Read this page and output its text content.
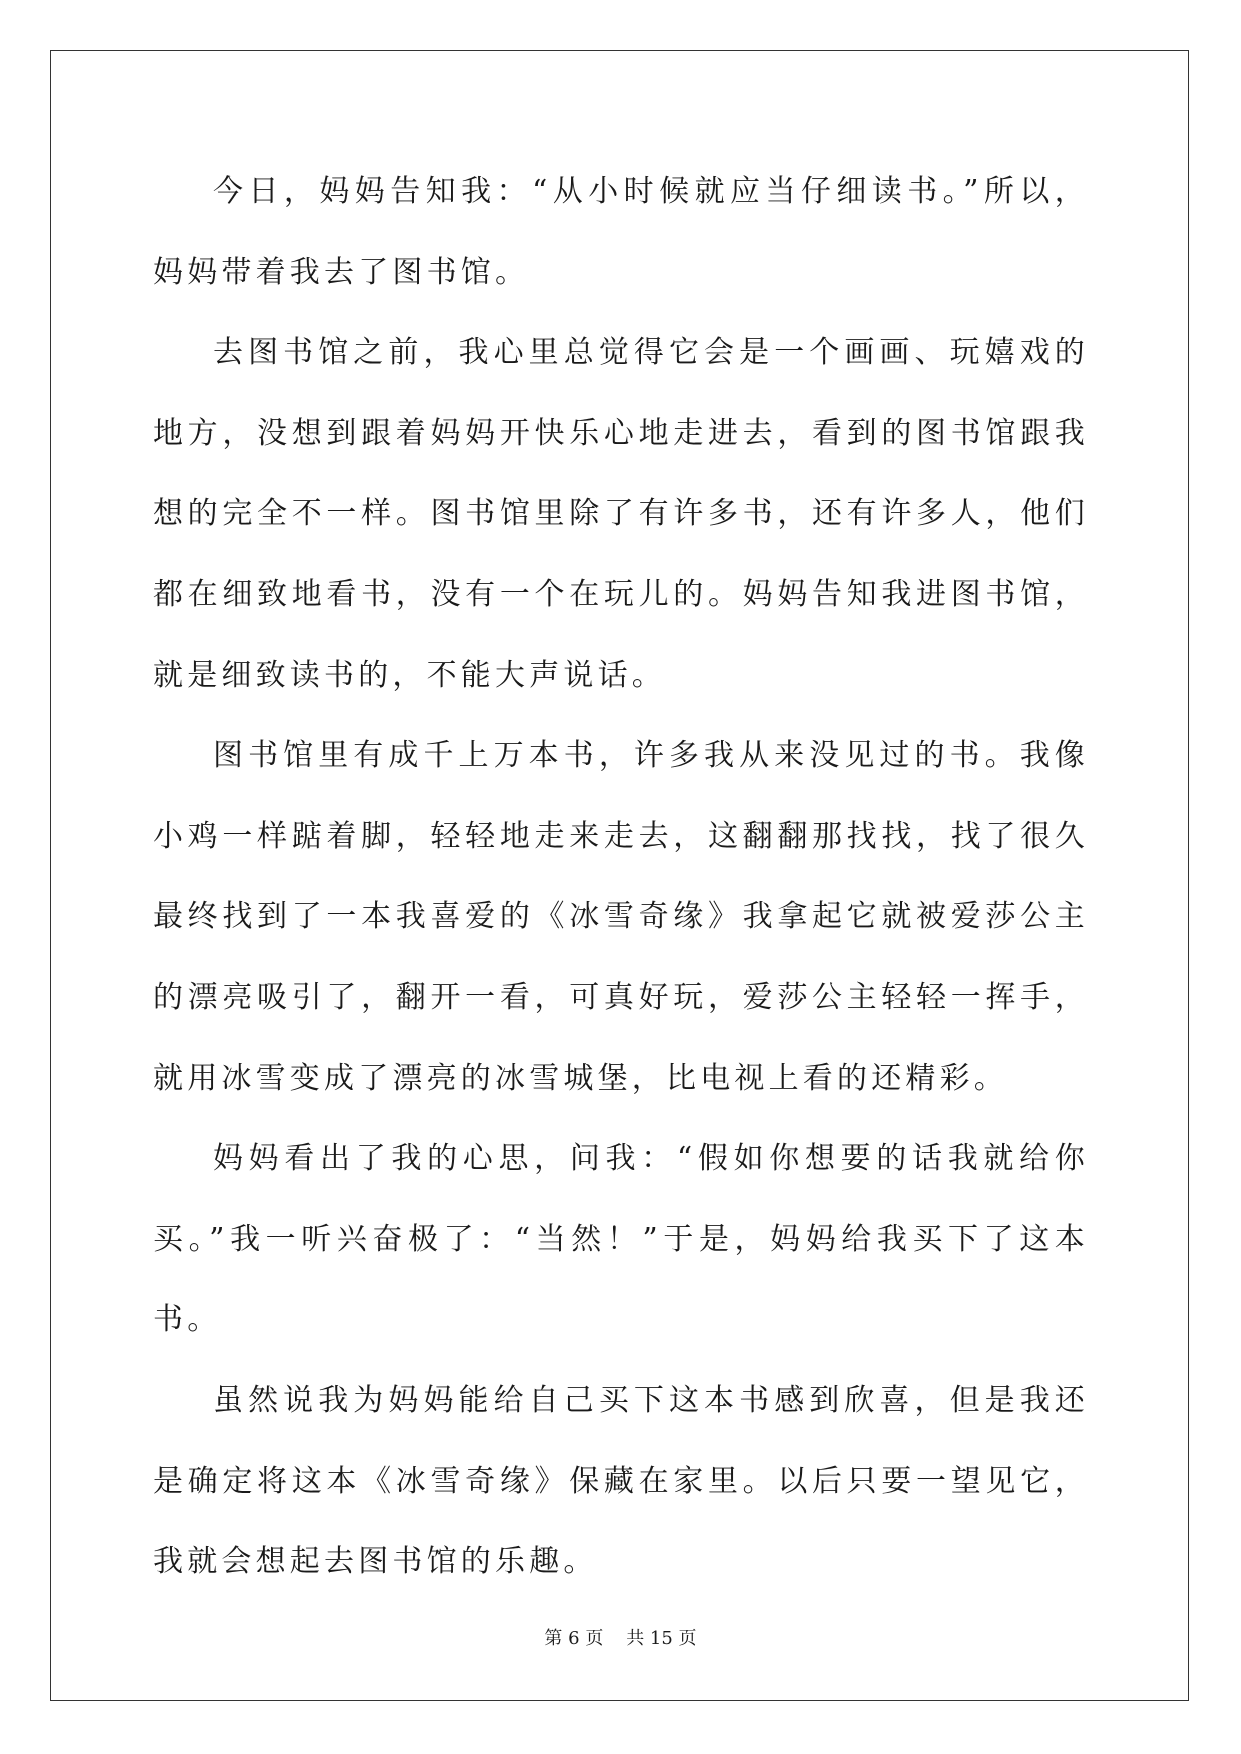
今日，妈妈告知我：“从小时候就应当仔细读书。”所以，妈妈带着我去了图书馆。

去图书馆之前，我心里总觉得它会是一个画画、玩嬉戏的地方，没想到跟着妈妈开快乐心地走进去，看到的图书馆跟我想的完全不一样。图书馆里除了有许多书，还有许多人，他们都在细致地看书，没有一个在玩儿的。妈妈告知我进图书馆，就是细致读书的，不能大声说话。

图书馆里有成千上万本书，许多我从来没见过的书。我像小鸡一样踮着脚，轻轻地走来走去，这翻翻那找找，找了很久最终找到了一本我喜爱的《冰雪奇缘》我拿起它就被爱莎公主的漂亮吸引了，翻开一看，可真好玩，爱莎公主轻轻一挥手，就用冰雪变成了漂亮的冰雪城堡，比电视上看的还精彩。

妈妈看出了我的心思，问我：“假如你想要的话我就给你买。”我一听兴奋极了：“当然！”于是，妈妈给我买下了这本书。

虽然说我为妈妈能给自己买下这本书感到欣喜，但是我还是确定将这本《冰雪奇缘》保藏在家里。以后只要一望见它，我就会想起去图书馆的乐趣。

第 6 页    共 15 页
